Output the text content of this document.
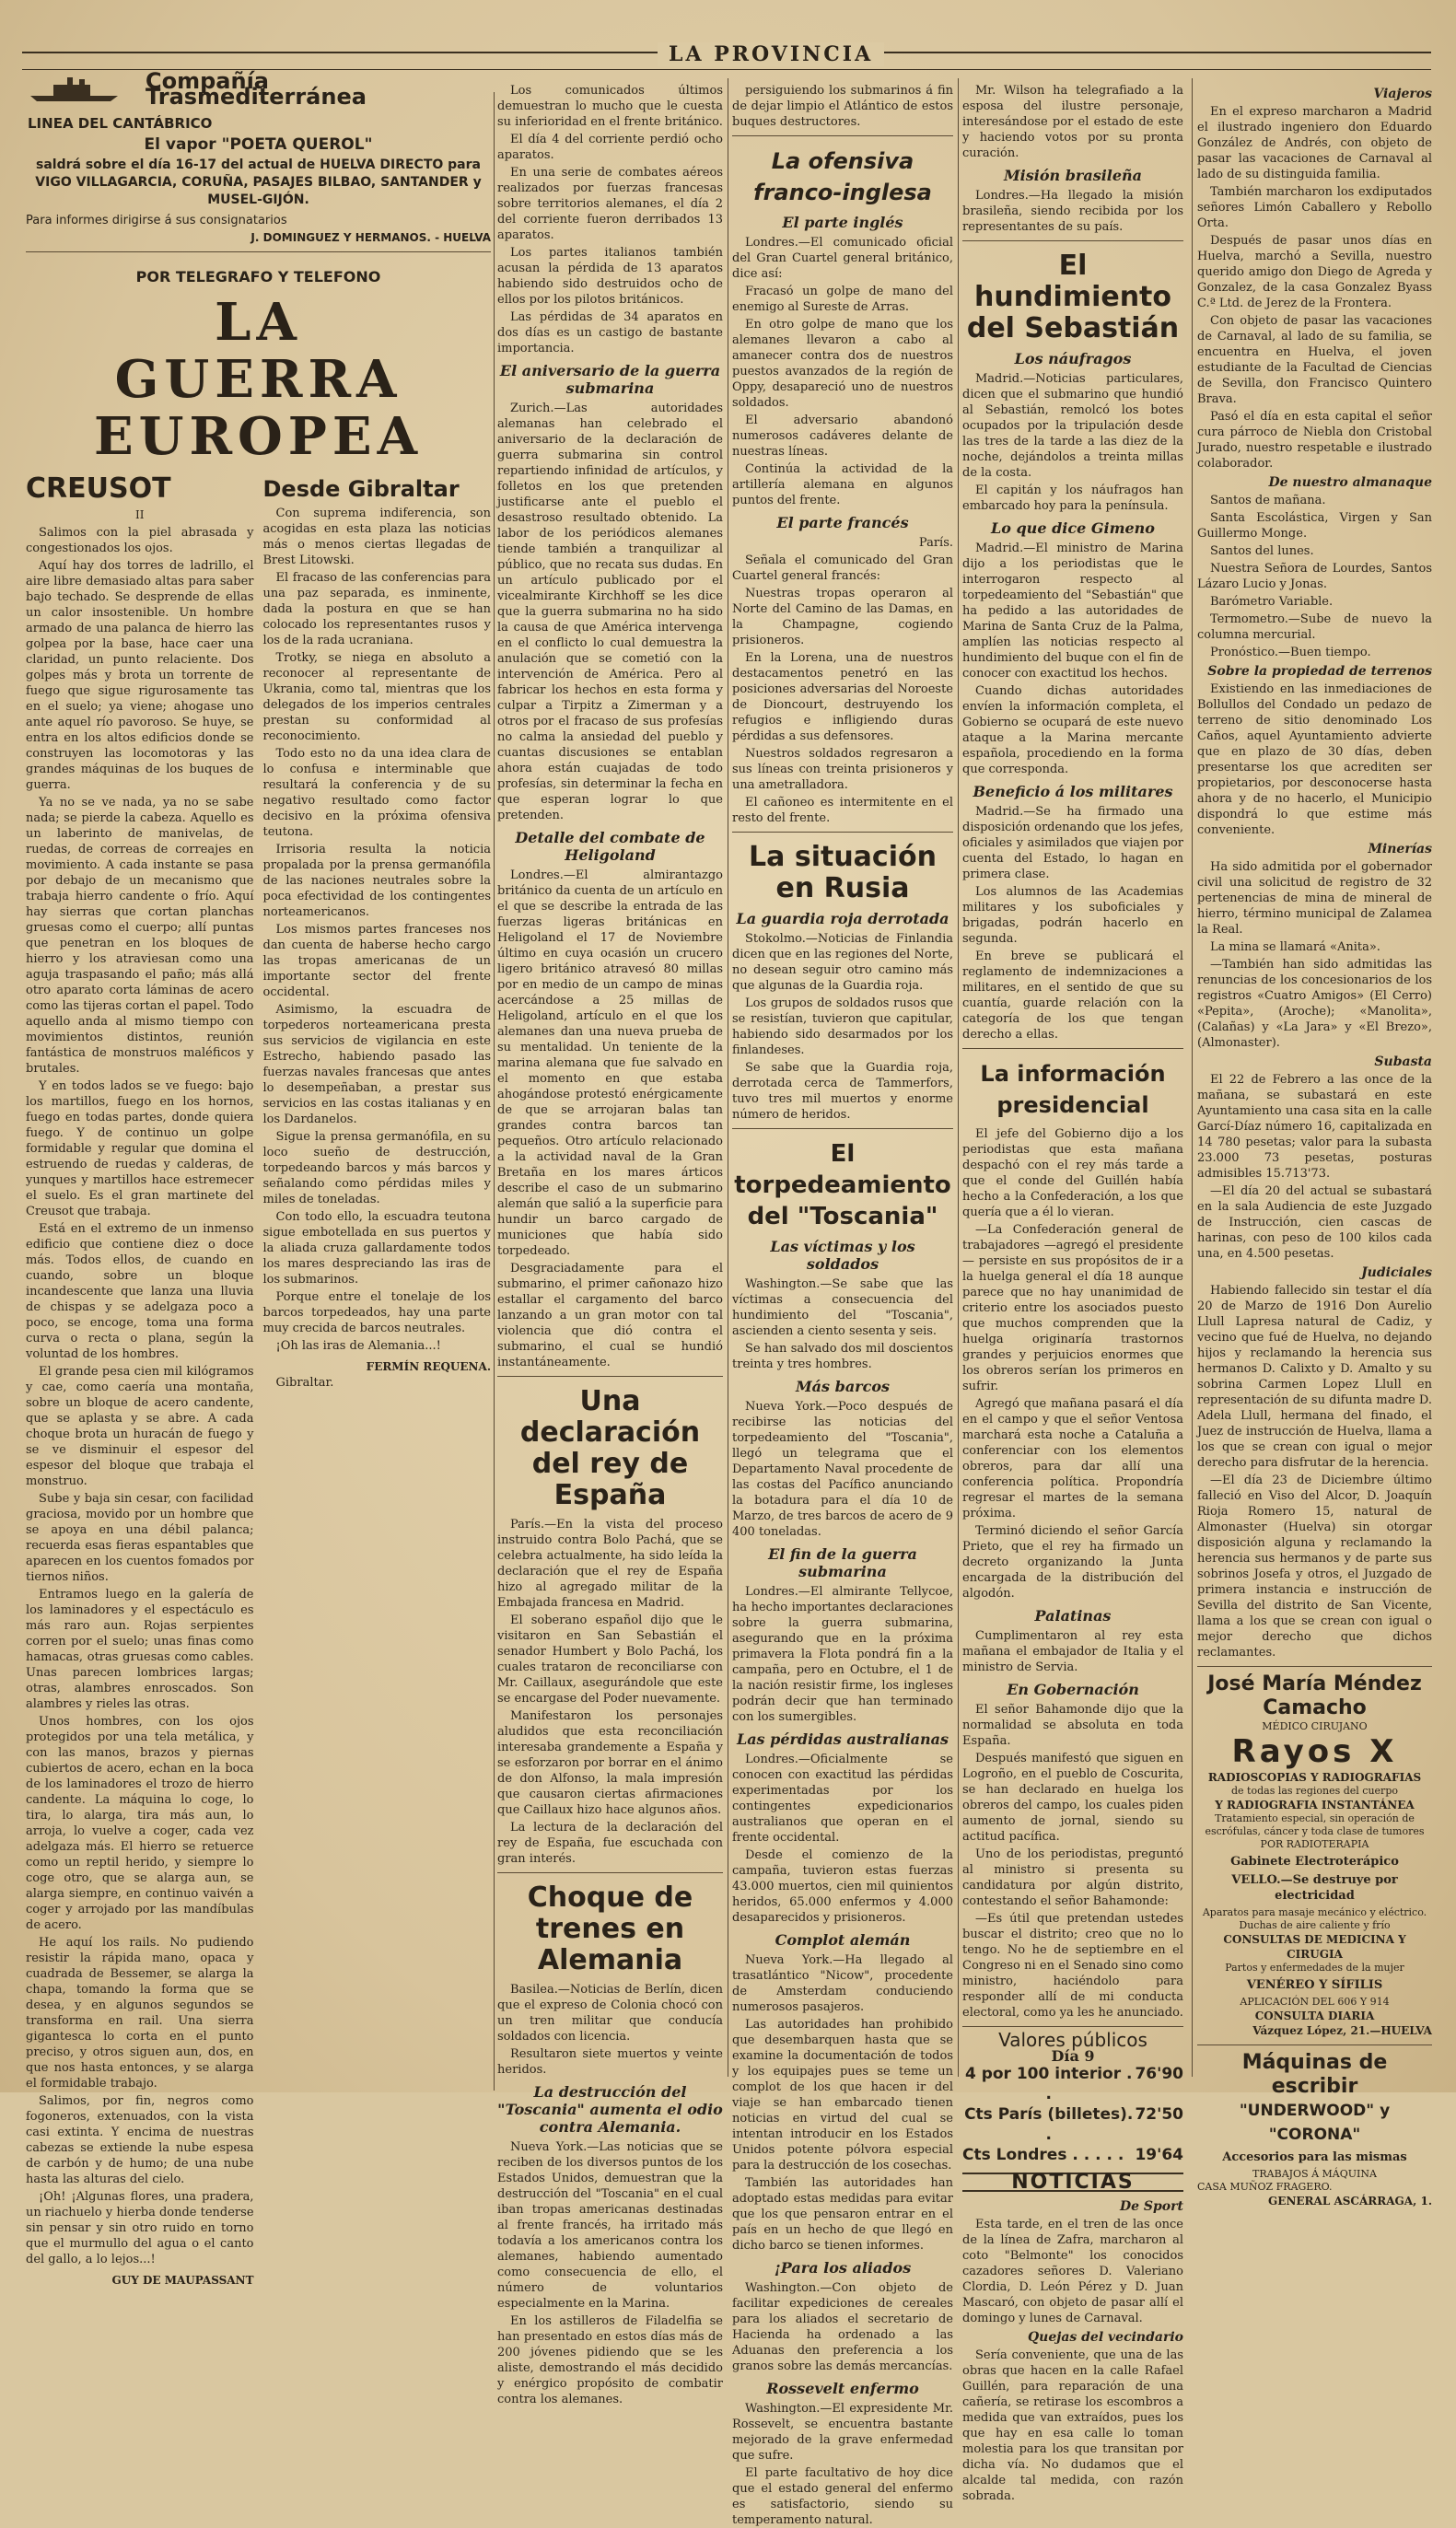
LA PROVINCIA
Compañía Trasmediterránea
LINEA DEL CANTÁBRICO
El vapor "POETA QUEROL"
saldrá sobre el día 16-17 del actual de HUELVA DIRECTO para VIGO VILLAGARCIA, CORUÑA, PASAJES BILBAO, SANTANDER y MUSEL-GIJÓN.
Para informes dirigirse á sus consignatarios
J. DOMINGUEZ Y HERMANOS. - HUELVA
POR TELEGRAFO Y TELEFONO
LA GUERRA EUROPEA
CREUSOT
II

Salimos con la piel abrasada y congestionados los ojos.

Aquí hay dos torres de ladrillo, el aire libre demasiado altas para saber bajo techado. Se desprende de ellas un calor insostenible. Un hombre armado de una palanca de hierro las golpea por la base, hace caer una claridad, un punto relaciente. Dos golpes más y brota un torrente de fuego que sigue rigurosamente tas en el suelo; ya viene; ahogase uno ante aquel río pavoroso. Se huye, se entra en los altos edificios donde se construyen las locomotoras y las grandes máquinas de los buques de guerra.

Ya no se ve nada, ya no se sabe nada; se pierde la cabeza. Aquello es un laberinto de manivelas, de ruedas, de correas de correajes en movimiento. A cada instante se pasa por debajo de un mecanismo que trabaja hierro candente o frío. Aquí hay sierras que cortan planchas gruesas como el cuerpo; allí puntas que penetran en los bloques de hierro y los atraviesan como una aguja traspasando el paño; más allá otro aparato corta láminas de acero como las tijeras cortan el papel. Todo aquello anda al mismo tiempo con movimientos distintos, reunión fantástica de monstruos maléficos y brutales.

Y en todos lados se ve fuego: bajo los martillos, fuego en los hornos, fuego en todas partes, donde quiera fuego. Y de continuo un golpe formidable y regular que domina el estruendo de ruedas y calderas, de yunques y martillos hace estremecer el suelo. Es el gran martinete del Creusot que trabaja.

Está en el extremo de un inmenso edificio que contiene diez o doce más. Todos ellos, de cuando en cuando, sobre un bloque incandescente que lanza una lluvia de chispas y se adelgaza poco a poco, se encoge, toma una forma curva o recta o plana, según la voluntad de los hombres.

El grande pesa cien mil kilógramos y cae, como caería una montaña, sobre un bloque de acero candente, que se aplasta y se abre. A cada choque brota un huracán de fuego y se ve disminuir el espesor del espesor del bloque que trabaja el monstruo.

Sube y baja sin cesar, con facilidad graciosa, movido por un hombre que se apoya en una débil palanca; recuerda esas fieras espantables que aparecen en los cuentos fomados por tiernos niños.

Entramos luego en la galería de los laminadores y el espectáculo es más raro aun. Rojas serpientes corren por el suelo; unas finas como hamacas, otras gruesas como cables. Unas parecen lombrices largas; otras, alambres enroscados. Son alambres y rieles las otras.

Unos hombres, con los ojos protegidos por una tela metálica, y con las manos, brazos y piernas cubiertos de acero, echan en la boca de los laminadores el trozo de hierro candente. La máquina lo coge, lo tira, lo alarga, tira más aun, lo arroja, lo vuelve a coger, cada vez adelgaza más. El hierro se retuerce como un reptil herido, y siempre lo coge otro, que se alarga aun, se alarga siempre, en continuo vaivén a coger y arrojado por las mandíbulas de acero.

He aquí los rails. No pudiendo resistir la rápida mano, opaca y cuadrada de Bessemer, se alarga la chapa, tomando la forma que se desea, y en algunos segundos se transforma en rail. Una sierra gigantesca lo corta en el punto preciso, y otros siguen aun, dos, en que nos hasta entonces, y se alarga el formidable trabajo.

Salimos, por fin, negros como fogoneros, extenuados, con la vista casi extinta. Y encima de nuestras cabezas se extiende la nube espesa de carbón y de humo; de una nube hasta las alturas del cielo.

¡Oh! ¡Algunas flores, una pradera, un riachuelo y hierba donde tenderse sin pensar y sin otro ruido en torno que el murmullo del agua o el canto del gallo, a lo lejos...!

GUY DE MAUPASSANT
Desde Gibraltar

Con suprema indiferencia, son acogidas en esta plaza las noticias más o menos ciertas llegadas de Brest Litowski.

El fracaso de las conferencias para una paz separada, es inminente, dada la postura en que se han colocado los representantes rusos y los de la rada ucraniana.

Trotky, se niega en absoluto a reconocer al representante de Ukrania, como tal, mientras que los delegados de los imperios centrales prestan su conformidad al reconocimiento.

Todo esto no da una idea clara de lo confusa e interminable que resultará la conferencia y de su negativo resultado como factor decisivo en la próxima ofensiva teutona.

Irrisoria resulta la noticia propalada por la prensa germanófila de las naciones neutrales sobre la poca efectividad de los contingentes norteamericanos.

Los mismos partes franceses nos dan cuenta de haberse hecho cargo las tropas americanas de un importante sector del frente occidental.

Asimismo, la escuadra de torpederos norteamericana presta sus servicios de vigilancia en este Estrecho, habiendo pasado las fuerzas navales francesas que antes lo desempeñaban, a prestar sus servicios en las costas italianas y en los Dardanelos.

Sigue la prensa germanófila, en su loco sueño de destrucción, torpedeando barcos y más barcos y señalando como pérdidas miles y miles de toneladas.

Con todo ello, la escuadra teutona sigue embotellada en sus puertos y la aliada cruza gallardamente todos los mares despreciando las iras de los submarinos.

Porque entre el tonelaje de los barcos torpedeados, hay una parte muy crecida de barcos neutrales.

¡Oh las iras de Alemania...!

FERMÍN REQUENA.

Gibraltar.

Los comunicados últimos demuestran lo mucho que le cuesta su inferioridad en el frente británico.

El día 4 del corriente perdió ocho aparatos.

En una serie de combates aéreos realizados por fuerzas francesas sobre territorios alemanes, el día 2 del corriente fueron derribados 13 aparatos.

Los partes italianos también acusan la pérdida de 13 aparatos habiendo sido destruidos ocho de ellos por los pilotos británicos.

Las pérdidas de 34 aparatos en dos días es un castigo de bastante importancia.

El aniversario de la guerra submarina

Zurich.—Las autoridades alemanas han celebrado el aniversario de la declaración de guerra submarina sin control repartiendo infinidad de artículos, y folletos en los que pretenden justificarse ante el pueblo el desastroso resultado obtenido. La labor de los periódicos alemanes tiende también a tranquilizar al público, que no recata sus dudas. En un artículo publicado por el vicealmirante Kirchhoff se les dice que la guerra submarina no ha sido la causa de que América intervenga en el conflicto lo cual demuestra la anulación que se cometió con la intervención de América. Pero al fabricar los hechos en esta forma y culpar a Tirpitz a Zimerman y a otros por el fracaso de sus profesías no calma la ansiedad del pueblo y cuantas discusiones se entablan ahora están cuajadas de todo profesías, sin determinar la fecha en que esperan lograr lo que pretenden.

Detalle del combate de Heligoland

Londres.—El almirantazgo británico da cuenta de un artículo en el que se describe la entrada de las fuerzas ligeras británicas en Heligoland el 17 de Noviembre último en cuya ocasión un crucero ligero británico atravesó 80 millas por en medio de un campo de minas acercándose a 25 millas de Heligoland, artículo en el que los alemanes dan una nueva prueba de su mentalidad. Un teniente de la marina alemana que fue salvado en el momento en que estaba ahogándose protestó enérgicamente de que se arrojaran balas tan grandes contra barcos tan pequeños. Otro artículo relacionado a la actividad naval de la Gran Bretaña en los mares árticos describe el caso de un submarino alemán que salió a la superficie para hundir un barco cargado de municiones que había sido torpedeado.

Desgraciadamente para el submarino, el primer cañonazo hizo estallar el cargamento del barco lanzando a un gran motor con tal violencia que dió contra el submarino, el cual se hundió instantáneamente.

Una declaración del rey de España

París.—En la vista del proceso instruido contra Bolo Pachá, que se celebra actualmente, ha sido leída la declaración que el rey de España hizo al agregado militar de la Embajada francesa en Madrid.

El soberano español dijo que le visitaron en San Sebastián el senador Humbert y Bolo Pachá, los cuales trataron de reconciliarse con Mr. Caillaux, asegurándole que este se encargase del Poder nuevamente.

Manifestaron los personajes aludidos que esta reconciliación interesaba grandemente a España y se esforzaron por borrar en el ánimo de don Alfonso, la mala impresión que causaron ciertas afirmaciones que Caillaux hizo hace algunos años.

La lectura de la declaración del rey de España, fue escuchada con gran interés.

Choque de trenes en Alemania

Basilea.—Noticias de Berlín, dicen que el expreso de Colonia chocó con un tren militar que conducía soldados con licencia.

Resultaron siete muertos y veinte heridos.

La destrucción del "Toscania" aumenta el odio contra Alemania.

Nueva York.—Las noticias que se reciben de los diversos puntos de los Estados Unidos, demuestran que la destrucción del "Toscania" en el cual iban tropas americanas destinadas al frente francés, ha irritado más todavía a los americanos contra los alemanes, habiendo aumentado como consecuencia de ello, el número de voluntarios especialmente en la Marina.

En los astilleros de Filadelfia se han presentado en estos días más de 200 jóvenes pidiendo que se les aliste, demostrando el más decidido y enérgico propósito de combatir contra los alemanes.

persiguiendo los submarinos á fin de dejar limpio el Atlántico de estos buques destructores.

La ofensiva franco-inglesa
El parte inglés

Londres.—El comunicado oficial del Gran Cuartel general británico, dice así:

Fracasó un golpe de mano del enemigo al Sureste de Arras.

En otro golpe de mano que los alemanes llevaron a cabo al amanecer contra dos de nuestros puestos avanzados de la región de Oppy, desapareció uno de nuestros soldados.

El adversario abandonó numerosos cadáveres delante de nuestras líneas.

Continúa la actividad de la artillería alemana en algunos puntos del frente.

El parte francés

París.

Señala el comunicado del Gran Cuartel general francés:

Nuestras tropas operaron al Norte del Camino de las Damas, en la Champagne, cogiendo prisioneros.

En la Lorena, una de nuestros destacamentos penetró en las posiciones adversarias del Noroeste de Dioncourt, destruyendo los refugios e infligiendo duras pérdidas a sus defensores.

Nuestros soldados regresaron a sus líneas con treinta prisioneros y una ametralladora.

El cañoneo es intermitente en el resto del frente.

La situación en Rusia
La guardia roja derrotada

Stokolmo.—Noticias de Finlandia dicen que en las regiones del Norte, no desean seguir otro camino más que algunas de la Guardia roja.

Los grupos de soldados rusos que se resistían, tuvieron que capitular, habiendo sido desarmados por los finlandeses.

Se sabe que la Guardia roja, derrotada cerca de Tammerfors, tuvo tres mil muertos y enorme número de heridos.

El torpedeamiento del "Toscania"
Las víctimas y los soldados

Washington.—Se sabe que las víctimas a consecuencia del hundimiento del "Toscania", ascienden a ciento sesenta y seis.

Se han salvado dos mil doscientos treinta y tres hombres.

Más barcos

Nueva York.—Poco después de recibirse las noticias del torpedeamiento del "Toscania", llegó un telegrama que el Departamento Naval procedente de las costas del Pacífico anunciando la botadura para el día 10 de Marzo, de tres barcos de acero de 9 400 toneladas.

El fin de la guerra submarina

Londres.—El almirante Tellycoe, ha hecho importantes declaraciones sobre la guerra submarina, asegurando que en la próxima primavera la Flota pondrá fin a la campaña, pero en Octubre, el 1 de la nación resistir firme, los ingleses podrán decir que han terminado con los sumergibles.

Las pérdidas australianas

Londres.—Oficialmente se conocen con exactitud las pérdidas experimentadas por los contingentes expedicionarios australianos que operan en el frente occidental.

Desde el comienzo de la campaña, tuvieron estas fuerzas 43.000 muertos, cien mil quinientos heridos, 65.000 enfermos y 4.000 desaparecidos y prisioneros.

Complot alemán

Nueva York.—Ha llegado al trasatlántico "Nicow", procedente de Amsterdam conduciendo numerosos pasajeros.

Las autoridades han prohibido que desembarquen hasta que se examine la documentación de todos y los equipajes pues se teme un complot de los que hacen ir del viaje se han embarcado tienen noticias en virtud del cual se intentan introducir en los Estados Unidos potente pólvora especial para la destrucción de los cosechas.

También las autoridades han adoptado estas medidas para evitar que los que pensaron entrar en el país en un hecho de que llegó en dicho barco se tienen informes.

¡Para los aliados

Washington.—Con objeto de facilitar expediciones de cereales para los aliados el secretario de Hacienda ha ordenado a las Aduanas den preferencia a los granos sobre las demás mercancías.

Rossevelt enfermo

Washington.—El expresidente Mr. Rossevelt, se encuentra bastante mejorado de la grave enfermedad que sufre.

El parte facultativo de hoy dice que el estado general del enfermo es satisfactorio, siendo su temperamento natural.

Mr. Wilson ha telegrafiado a la esposa del ilustre personaje, interesándose por el estado de este y haciendo votos por su pronta curación.

Misión brasileña

Londres.—Ha llegado la misión brasileña, siendo recibida por los representantes de su país.

El hundimiento del Sebastián
Los náufragos

Madrid.—Noticias particulares, dicen que el submarino que hundió al Sebastián, remolcó los botes ocupados por la tripulación desde las tres de la tarde a las diez de la noche, dejándolos a treinta millas de la costa.

El capitán y los náufragos han embarcado hoy para la península.

Lo que dice Gimeno

Madrid.—El ministro de Marina dijo a los periodistas que le interrogaron respecto al torpedeamiento del "Sebastián" que ha pedido a las autoridades de Marina de Santa Cruz de la Palma, amplíen las noticias respecto al hundimiento del buque con el fin de conocer con exactitud los hechos.

Cuando dichas autoridades envíen la información completa, el Gobierno se ocupará de este nuevo ataque a la Marina mercante española, procediendo en la forma que corresponda.

Beneficio á los militares

Madrid.—Se ha firmado una disposición ordenando que los jefes, oficiales y asimilados que viajen por cuenta del Estado, lo hagan en primera clase.

Los alumnos de las Academias militares y los suboficiales y brigadas, podrán hacerlo en segunda.

En breve se publicará el reglamento de indemnizaciones a militares, en el sentido de que su cuantía, guarde relación con la categoría de los que tengan derecho a ellas.

La información presidencial

El jefe del Gobierno dijo a los periodistas que esta mañana despachó con el rey más tarde a que el conde del Guillén había hecho a la Confederación, a los que quería que a él lo vieran.

—La Confederación general de trabajadores —agregó el presidente— persiste en sus propósitos de ir a la huelga general el día 18 aunque parece que no hay unanimidad de criterio entre los asociados puesto que muchos comprenden que la huelga originaría trastornos grandes y perjuicios enormes que los obreros serían los primeros en sufrir.

Agregó que mañana pasará el día en el campo y que el señor Ventosa marchará esta noche a Cataluña a conferenciar con los elementos obreros, para dar allí una conferencia política. Propondría regresar el martes de la semana próxima.

Terminó diciendo el señor García Prieto, que el rey ha firmado un decreto organizando la Junta encargada de la distribución del algodón.

Palatinas

Cumplimentaron al rey esta mañana el embajador de Italia y el ministro de Servia.

En Gobernación

El señor Bahamonde dijo que la normalidad se absoluta en toda España.

Después manifestó que siguen en Logroño, en el pueblo de Coscurita, se han declarado en huelga los obreros del campo, los cuales piden aumento de jornal, siendo su actitud pacífica.

Uno de los periodistas, preguntó al ministro si presenta su candidatura por algún distrito, contestando el señor Bahamonde:

—Es útil que pretendan ustedes buscar el distrito; creo que no lo tengo. No he de septiembre en el Congreso ni en el Senado sino como ministro, haciéndolo para responder allí de mi conducta electoral, como ya les he anunciado.

Valores públicos
Día 9
4 por 100 interior . .
76'90
Cts París (billetes). .
72'50
Cts Londres . . . . . 19'64
NOTICIAS
De Sport

Esta tarde, en el tren de las once de la línea de Zafra, marcharon al coto "Belmonte" los conocidos cazadores señores D. Valeriano Clordia, D. León Pérez y D. Juan Mascaró, con objeto de pasar allí el domingo y lunes de Carnaval.

Quejas del vecindario

Sería conveniente, que una de las obras que hacen en la calle Rafael Guillén, para reparación de una cañería, se retirase los escombros a medida que van extraídos, pues los que hay en esa calle lo toman molestia para los que transitan por dicha vía. No dudamos que el alcalde tal medida, con razón sobrada.

Viajeros

En el expreso marcharon a Madrid el ilustrado ingeniero don Eduardo González de Andrés, con objeto de pasar las vacaciones de Carnaval al lado de su distinguida familia.

También marcharon los exdiputados señores Limón Caballero y Rebollo Orta.

Después de pasar unos días en Huelva, marchó a Sevilla, nuestro querido amigo don Diego de Agreda y Gonzalez, de la casa Gonzalez Byass C.ª Ltd. de Jerez de la Frontera.

Con objeto de pasar las vacaciones de Carnaval, al lado de su familia, se encuentra en Huelva, el joven estudiante de la Facultad de Ciencias de Sevilla, don Francisco Quintero Brava.

Pasó el día en esta capital el señor cura párroco de Niebla don Cristobal Jurado, nuestro respetable e ilustrado colaborador.

De nuestro almanaque

Santos de mañana.

Santa Escolástica, Virgen y San Guillermo Monge.

Santos del lunes.

Nuestra Señora de Lourdes, Santos Lázaro Lucio y Jonas.

Barómetro Variable.

Termometro.—Sube de nuevo la columna mercurial.

Pronóstico.—Buen tiempo.

Sobre la propiedad de terrenos

Existiendo en las inmediaciones de Bollullos del Condado un pedazo de terreno de sitio denominado Los Caños, aquel Ayuntamiento advierte que en plazo de 30 días, deben presentarse los que acrediten ser propietarios, por desconocerse hasta ahora y de no hacerlo, el Municipio dispondrá lo que estime más conveniente.

Minerías

Ha sido admitida por el gobernador civil una solicitud de registro de 32 pertenencias de mina de mineral de hierro, término municipal de Zalamea la Real.

La mina se llamará «Anita».

—También han sido admitidas las renuncias de los concesionarios de los registros «Cuatro Amigos» (El Cerro) «Pepita», (Aroche); «Manolita», (Calañas) y «La Jara» y «El Brezo», (Almonaster).

Subasta

El 22 de Febrero a las once de la mañana, se subastará en este Ayuntamiento una casa sita en la calle Garcí-Díaz número 16, capitalizada en 14 780 pesetas; valor para la subasta 23.000 73 pesetas, posturas admisibles 15.713'73.

—El día 20 del actual se subastará en la sala Audiencia de este Juzgado de Instrucción, cien cascas de harinas, con peso de 100 kilos cada una, en 4.500 pesetas.

Judiciales

Habiendo fallecido sin testar el día 20 de Marzo de 1916 Don Aurelio Llull Lapresa natural de Cadiz, y vecino que fué de Huelva, no dejando hijos y reclamando la herencia sus hermanos D. Calixto y D. Amalto y su sobrina Carmen Lopez Llull en representación de su difunta madre D. Adela Llull, hermana del finado, el Juez de instrucción de Huelva, llama a los que se crean con igual o mejor derecho para disfrutar de la herencia.

—El día 23 de Diciembre último falleció en Viso del Alcor, D. Joaquín Rioja Romero 15, natural de Almonaster (Huelva) sin otorgar disposición alguna y reclamando la herencia sus hermanos y de parte sus sobrinos Josefa y otros, el Juzgado de primera instancia e instrucción de Sevilla del distrito de San Vicente, llama a los que se crean con igual o mejor derecho que dichos reclamantes.

José María Méndez Camacho
MÉDICO CIRUJANO
Rayos X
RADIOSCOPIAS Y RADIOGRAFIAS
de todas las regiones del cuerpo
Y RADIOGRAFIA INSTANTÁNEA
Tratamiento especial, sin operación de escrófulas, cáncer y toda clase de tumores POR RADIOTERAPIA
Gabinete Electroterápico
VELLO.—Se destruye por electricidad
Aparatos para masaje mecánico y eléctrico. Duchas de aire caliente y frío
CONSULTAS DE MEDICINA Y CIRUGIA
Partos y enfermedades de la mujer
VENÉREO Y SÍFILIS
APLICACIÓN DEL 606 Y 914
CONSULTA DIARIA
Vázquez López, 21.—HUELVA
Máquinas de escribir
"UNDERWOOD" y "CORONA"
Accesorios para las mismas
TRABAJOS Á MÁQUINA
CASA MUÑOZ FRAGERO.
GENERAL ASCÁRRAGA, 1.
